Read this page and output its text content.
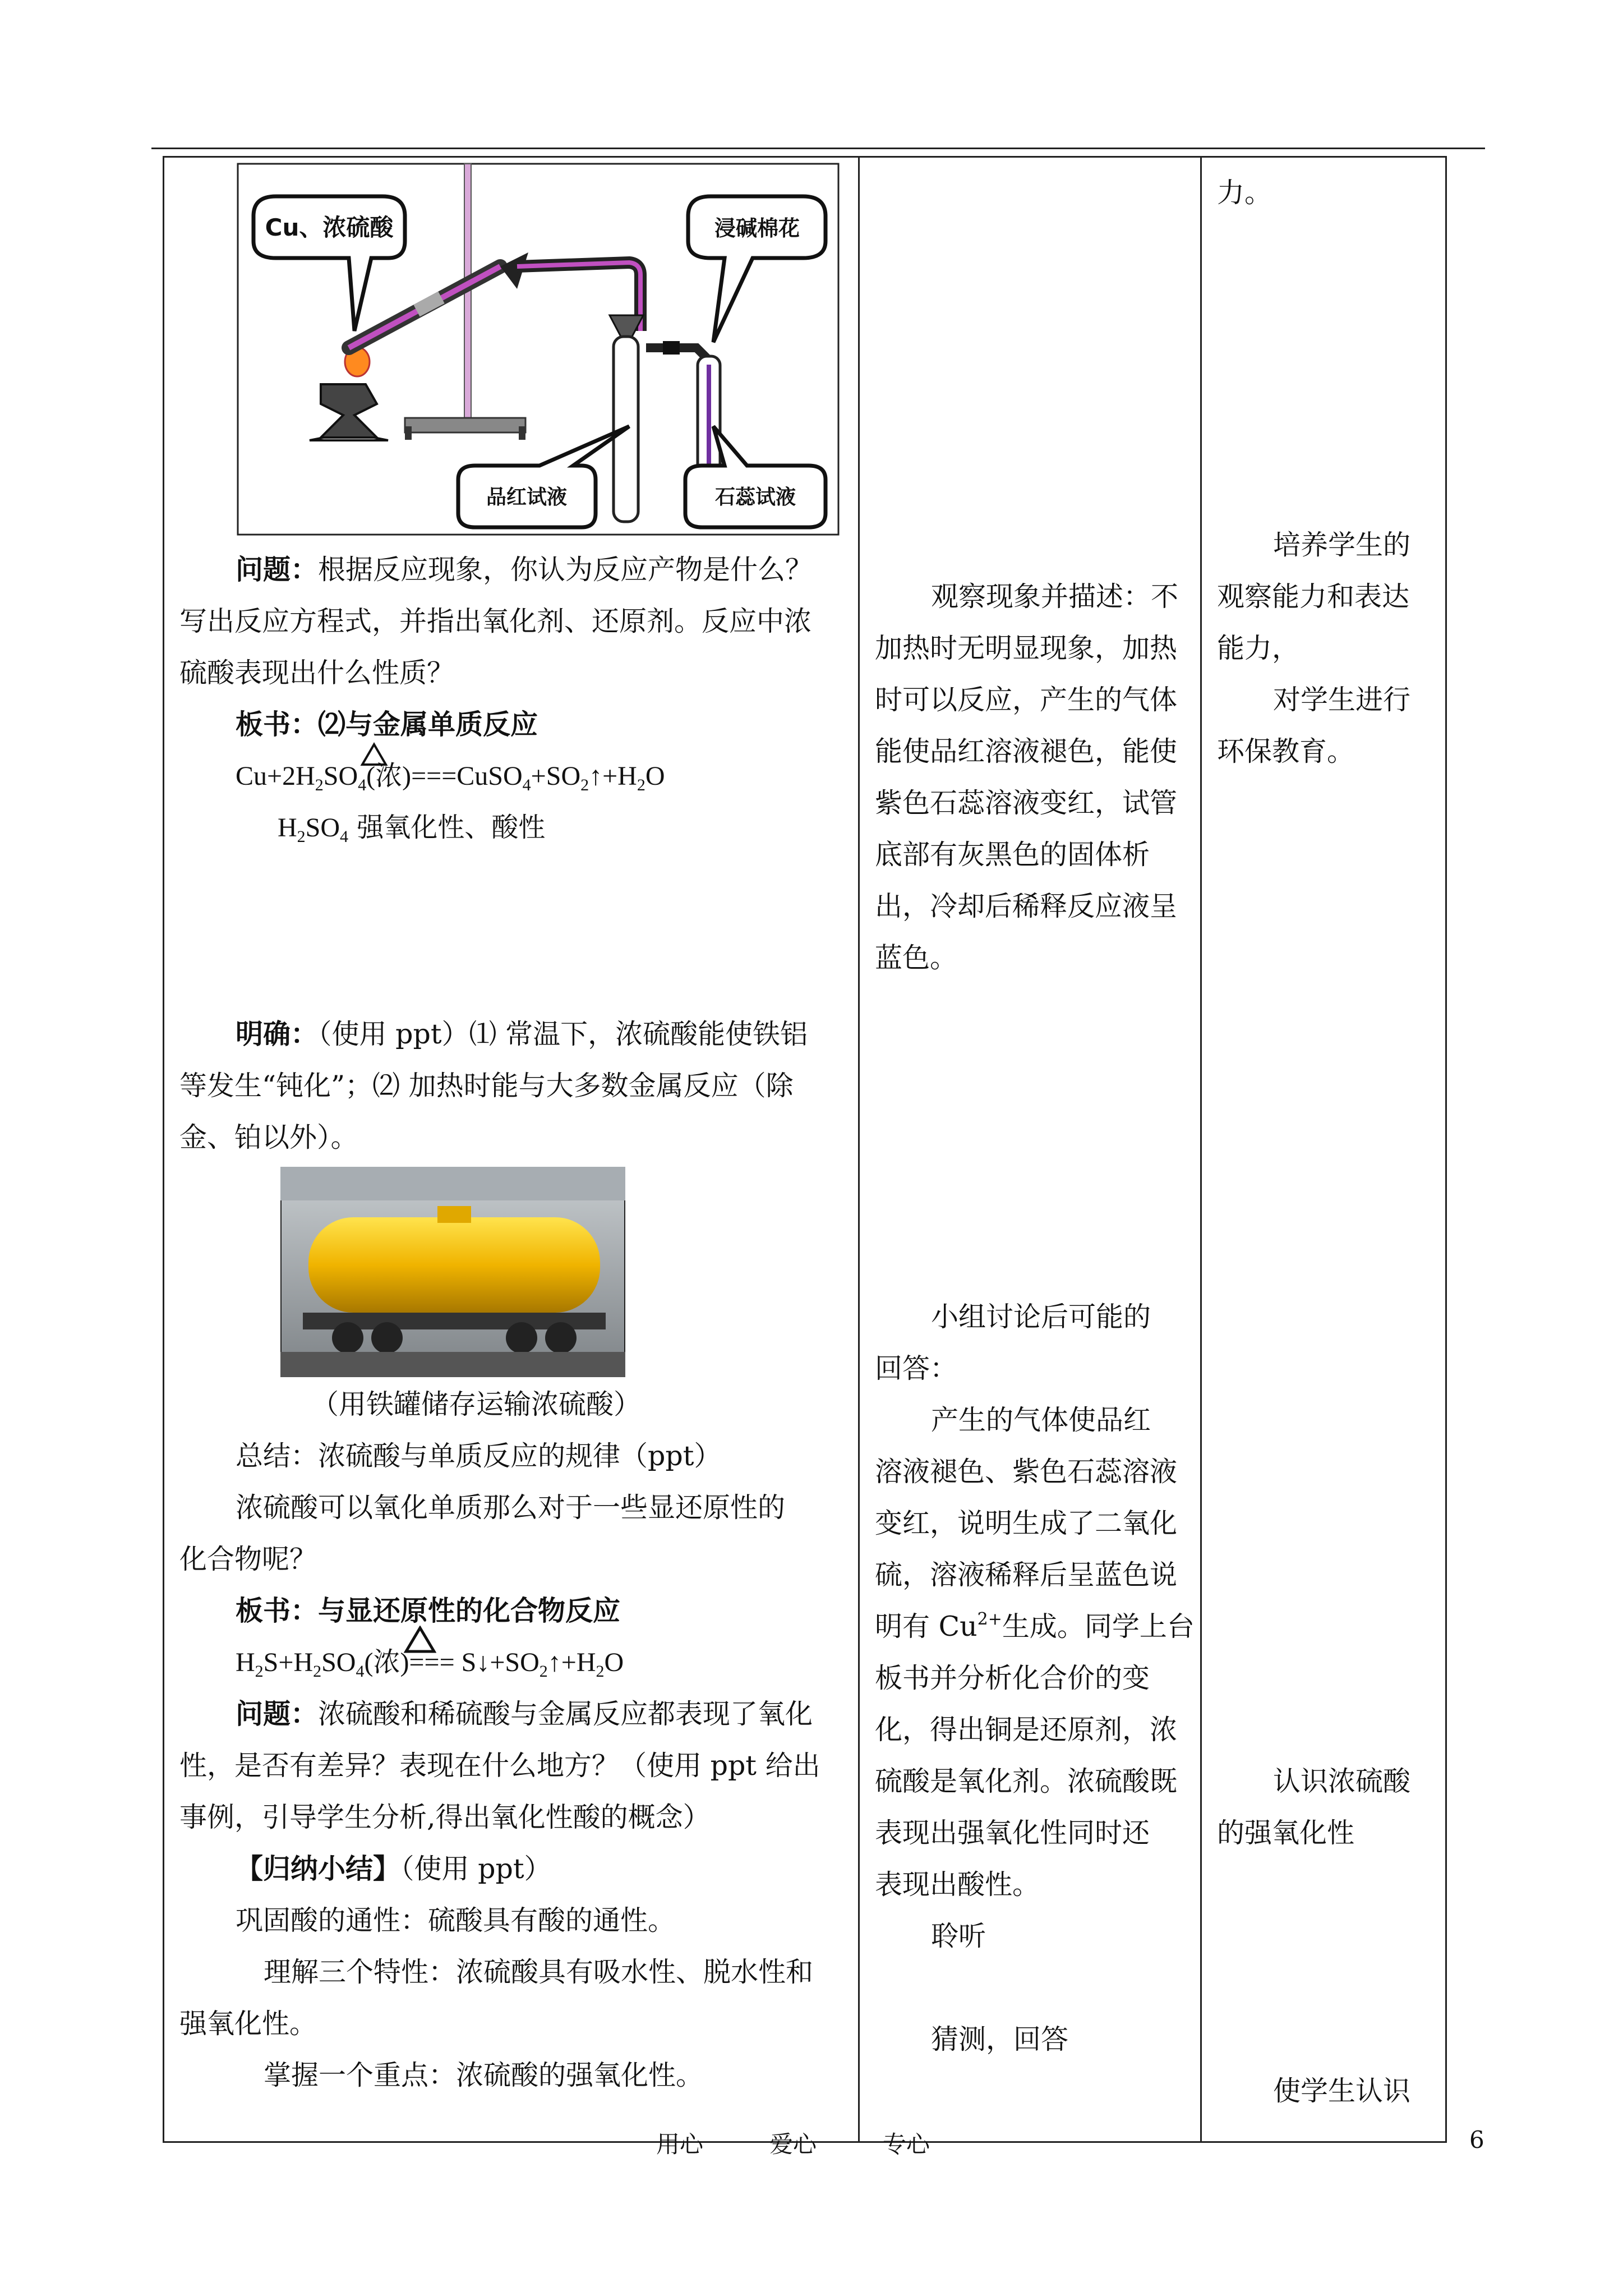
Cu、浓硫酸	浸碱棉花
品红试液	石蕊试液
问题：根据反应现象，你认为反应产物是什么？
写出反应方程式，并指出氧化剂、还原剂。反应中浓
硫酸表现出什么性质？
板书：⑵与金属单质反应
$Cu+2H_2SO_4$(浓)$===CuSO_4+SO_2↑+H_2O$
$H_2SO_4$ 强氧化性、酸性
明确：（使用 ppt）⑴ 常温下，浓硫酸能使铁铝
等发生“钝化”；⑵ 加热时能与大多数金属反应（除
金、铂以外）。
（用铁罐储存运输浓硫酸）
总结：浓硫酸与单质反应的规律（ppt）
浓硫酸可以氧化单质那么对于一些显还原性的
化合物呢？
板书：与显还原性的化合物反应
$H_2S+H_2SO_4$(浓)=== $S↓+SO_2↑+H_2O$
问题：浓硫酸和稀硫酸与金属反应都表现了氧化
性，是否有差异？表现在什么地方？（使用 ppt 给出
事例，引导学生分析,得出氧化性酸的概念）
【归纳小结】（使用 ppt）
巩固酸的通性：硫酸具有酸的通性。
理解三个特性：浓硫酸具有吸水性、脱水性和
强氧化性。
掌握一个重点：浓硫酸的强氧化性。
观察现象并描述：不
加热时无明显现象，加热
时可以反应，产生的气体
能使品红溶液褪色，能使
紫色石蕊溶液变红，试管
底部有灰黑色的固体析
出，冷却后稀释反应液呈
蓝色。
小组讨论后可能的
回答：
产生的气体使品红
溶液褪色、紫色石蕊溶液
变红，说明生成了二氧化
硫，溶液稀释后呈蓝色说
明有 $Cu^{2+}$生成。同学上台
板书并分析化合价的变
化，得出铜是还原剂，浓
硫酸是氧化剂。浓硫酸既
表现出强氧化性同时还
表现出酸性。
聆听
猜测，回答
力。
培养学生的
观察能力和表达
能力，
对学生进行
环保教育。
认识浓硫酸
的强氧化性
使学生认识
用心	爱心	专心	6
